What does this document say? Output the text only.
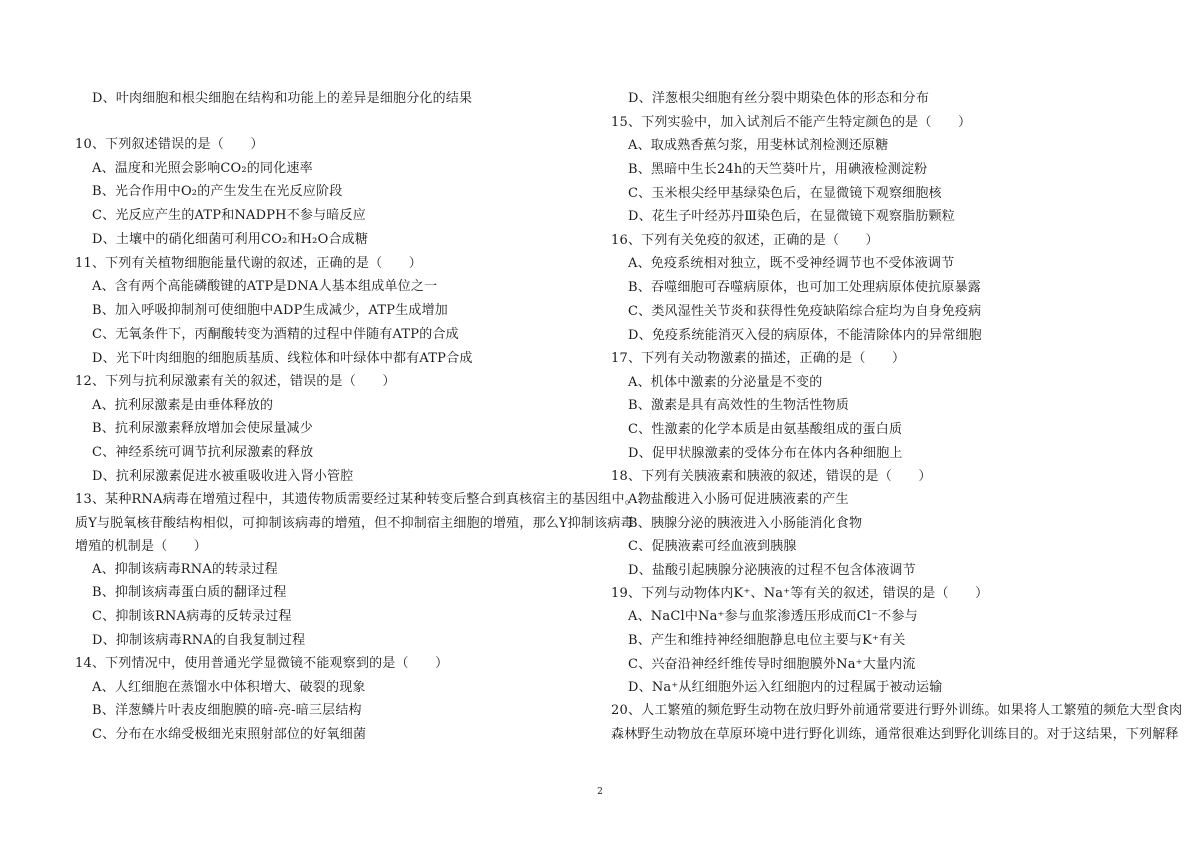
D、叶肉细胞和根尖细胞在结构和功能上的差异是细胞分化的结果
10、下列叙述错误的是（　　）
A、温度和光照会影响CO₂的同化速率
B、光合作用中O₂的产生发生在光反应阶段
C、光反应产生的ATP和NADPH不参与暗反应
D、土壤中的硝化细菌可利用CO₂和H₂O合成糖
11、下列有关植物细胞能量代谢的叙述，正确的是（　　）
A、含有两个高能磷酸键的ATP是DNA人基本组成单位之一
B、加入呼吸抑制剂可使细胞中ADP生成减少，ATP生成增加
C、无氧条件下，丙酮酸转变为酒精的过程中伴随有ATP的合成
D、光下叶肉细胞的细胞质基质、线粒体和叶绿体中都有ATP合成
12、下列与抗利尿激素有关的叙述，错误的是（　　）
A、抗利尿激素是由垂体释放的
B、抗利尿激素释放增加会使尿量减少
C、神经系统可调节抗利尿激素的释放
D、抗利尿激素促进水被重吸收进入肾小管腔
13、某种RNA病毒在增殖过程中，其遗传物质需要经过某种转变后整合到真核宿主的基因组中。物
质Y与脱氧核苷酸结构相似，可抑制该病毒的增殖，但不抑制宿主细胞的增殖，那么Y抑制该病毒
增殖的机制是（　　）
A、抑制该病毒RNA的转录过程
B、抑制该病毒蛋白质的翻译过程
C、抑制该RNA病毒的反转录过程
D、抑制该病毒RNA的自我复制过程
14、下列情况中，使用普通光学显微镜不能观察到的是（　　）
A、人红细胞在蒸馏水中体积增大、破裂的现象
B、洋葱鳞片叶表皮细胞膜的暗-亮-暗三层结构
C、分布在水绵受极细光束照射部位的好氧细菌
D、洋葱根尖细胞有丝分裂中期染色体的形态和分布
15、下列实验中，加入试剂后不能产生特定颜色的是（　　）
A、取成熟香蕉匀浆，用斐林试剂检测还原糖
B、黑暗中生长24h的天竺葵叶片，用碘液检测淀粉
C、玉米根尖经甲基绿染色后，在显微镜下观察细胞核
D、花生子叶经苏丹Ⅲ染色后，在显微镜下观察脂肪颗粒
16、下列有关免疫的叙述，正确的是（　　）
A、免疫系统相对独立，既不受神经调节也不受体液调节
B、吞噬细胞可吞噬病原体，也可加工处理病原体使抗原暴露
C、类风湿性关节炎和获得性免疫缺陷综合症均为自身免疫病
D、免疫系统能消灭入侵的病原体，不能清除体内的异常细胞
17、下列有关动物激素的描述，正确的是（　　）
A、机体中激素的分泌量是不变的
B、激素是具有高效性的生物活性物质
C、性激素的化学本质是由氨基酸组成的蛋白质
D、促甲状腺激素的受体分布在体内各种细胞上
18、下列有关胰液素和胰液的叙述，错误的是（　　）
A、盐酸进入小肠可促进胰液素的产生
B、胰腺分泌的胰液进入小肠能消化食物
C、促胰液素可经血液到胰腺
D、盐酸引起胰腺分泌胰液的过程不包含体液调节
19、下列与动物体内K⁺、Na⁺等有关的叙述，错误的是（　　）
A、NaCl中Na⁺参与血浆渗透压形成而Cl⁻不参与
B、产生和维持神经细胞静息电位主要与K⁺有关
C、兴奋沿神经纤维传导时细胞膜外Na⁺大量内流
D、Na⁺从红细胞外运入红细胞内的过程属于被动运输
20、人工繁殖的频危野生动物在放归野外前通常要进行野外训练。如果将人工繁殖的频危大型食肉
森林野生动物放在草原环境中进行野化训练，通常很难达到野化训练目的。对于这结果，下列解释
2
